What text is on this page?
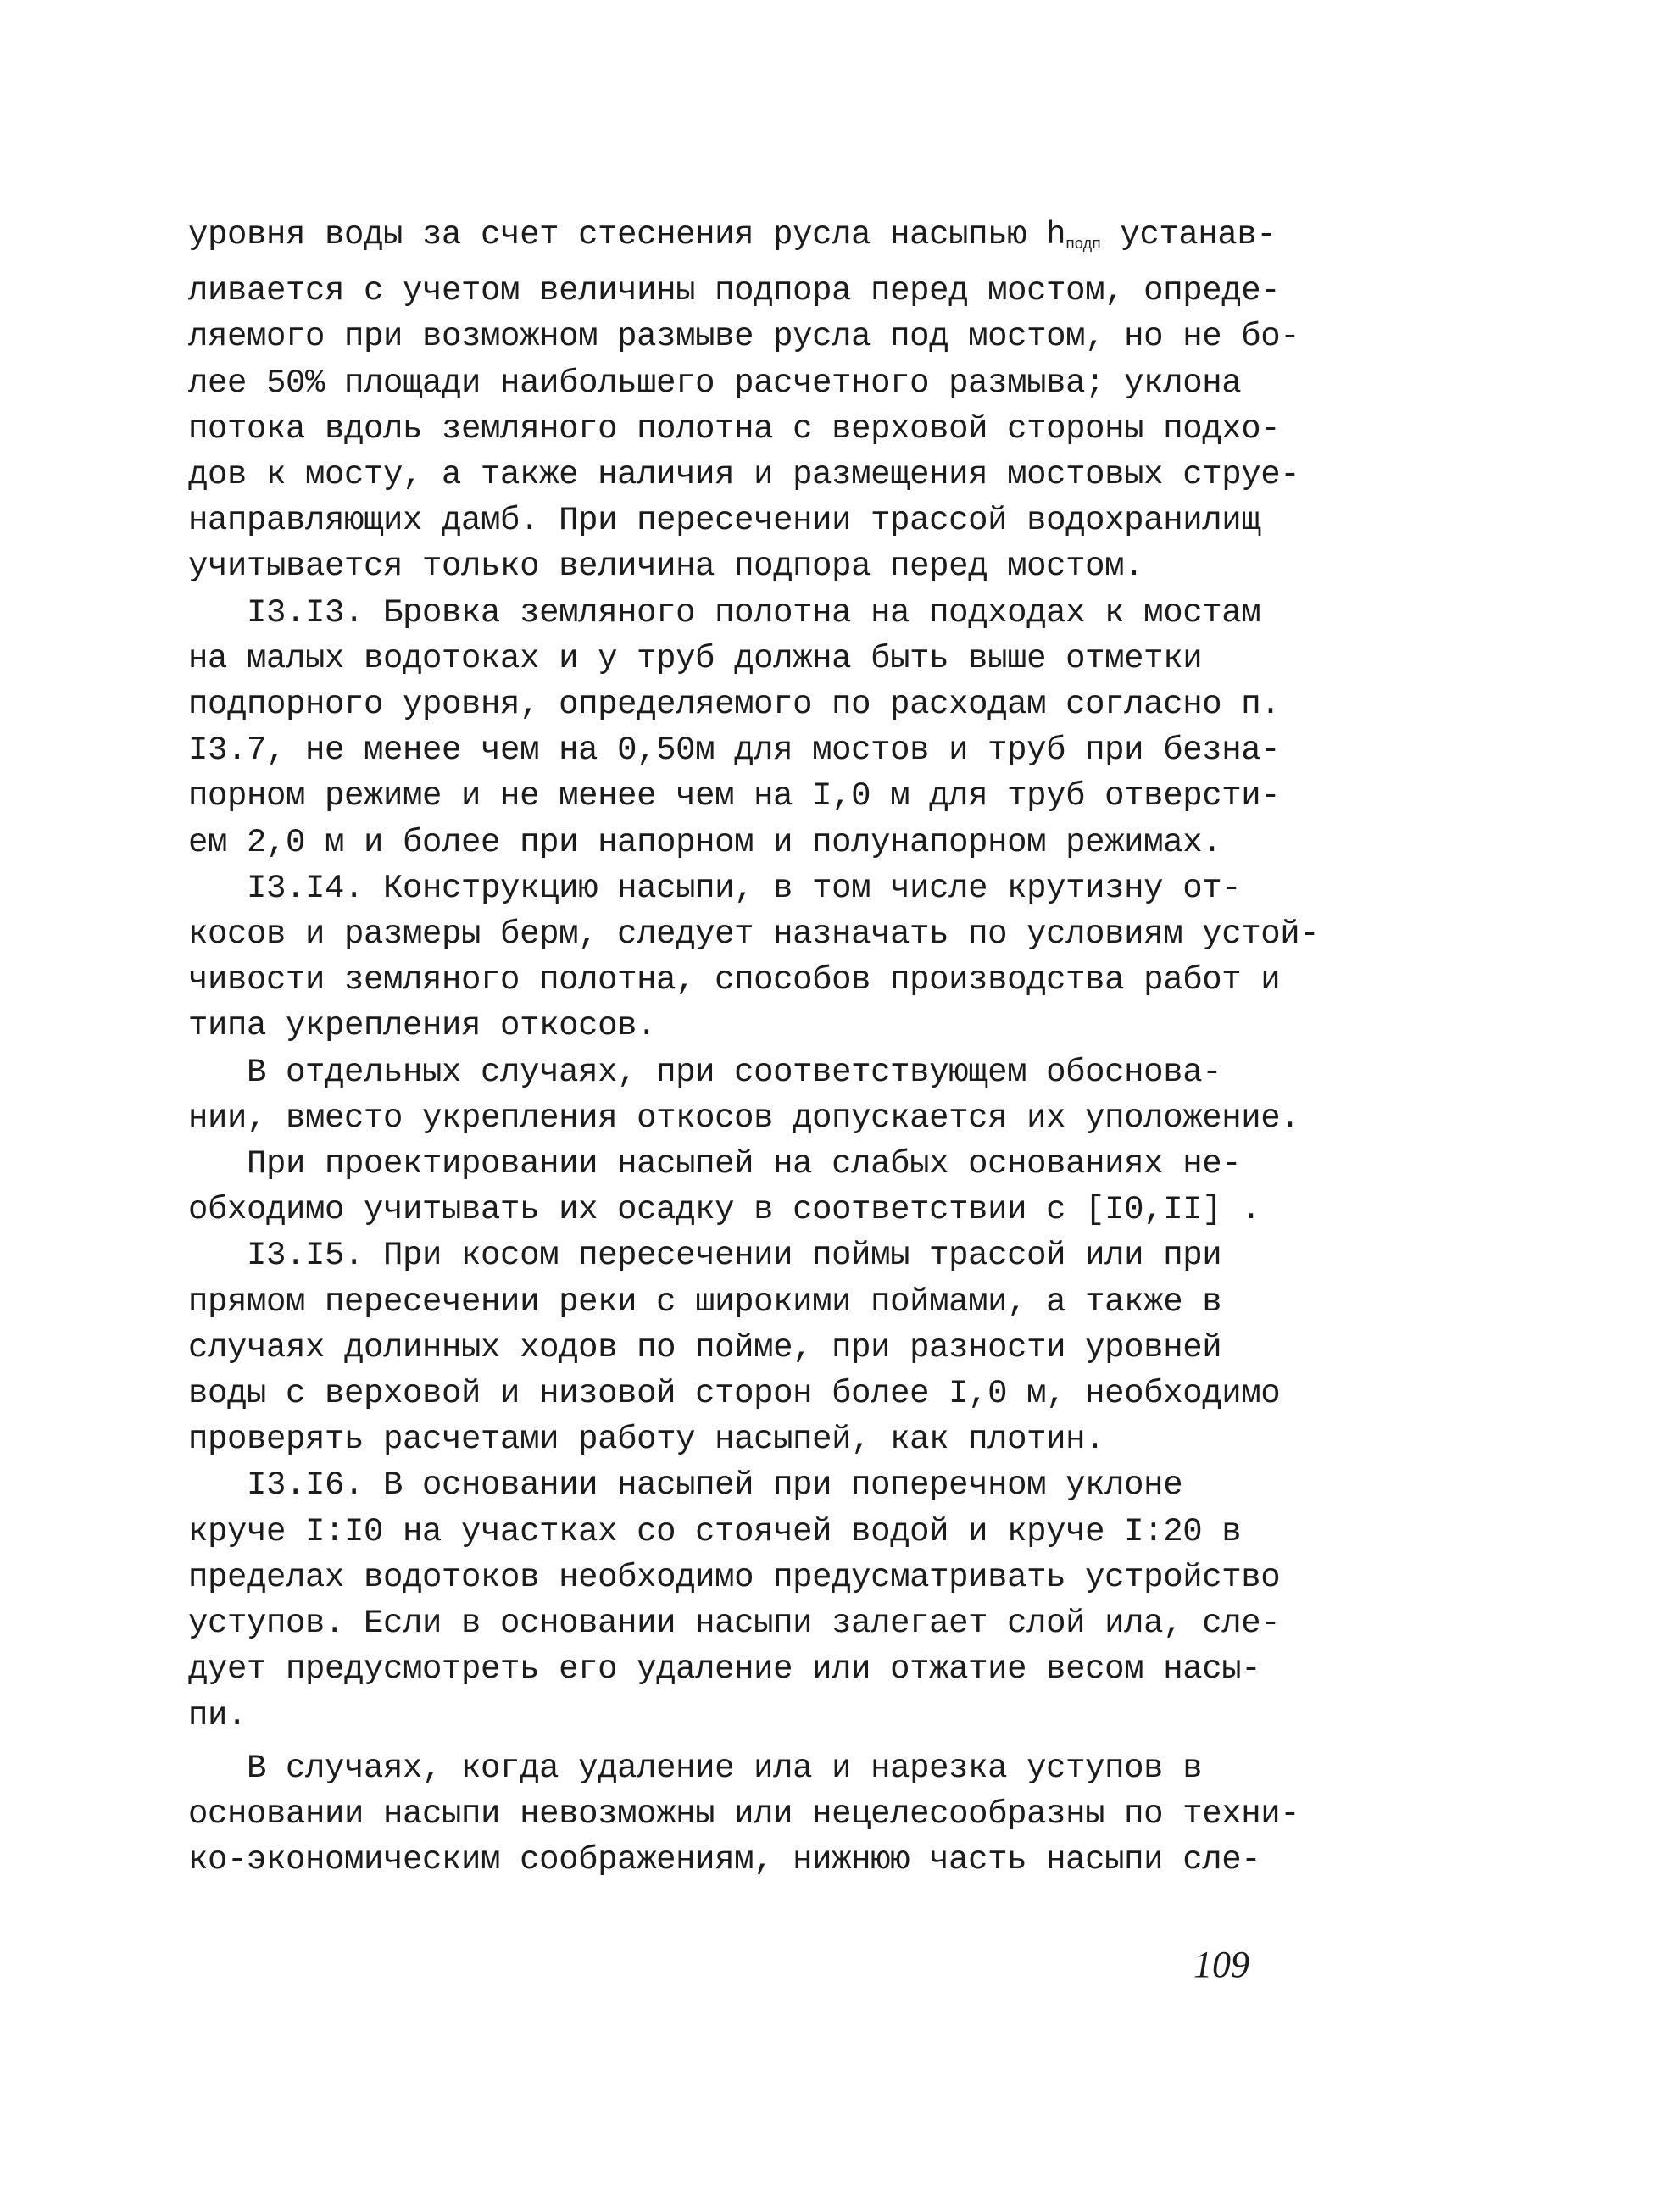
уровня воды за счет стеснения русла насыпью $h_{подп}$ устанав-
ливается с учетом величины подпора перед мостом, опреде-
ляемого при возможном размыве русла под мостом, но не бо-
лее 50% площади наибольшего расчетного размыва; уклона
потока вдоль земляного полотна с верховой стороны подхо-
дов к мосту, а также наличия и размещения мостовых струе-
направляющих дамб. При пересечении трассой водохранилищ
учитывается только величина подпора перед мостом.
I3.I3. Бровка земляного полотна на подходах к мостам
на малых водотоках и у труб должна быть выше отметки
подпорного уровня, определяемого по расходам согласно п.
I3.7, не менее чем на 0,50м для мостов и труб при безна-
порном режиме и не менее чем на I,0 м для труб отверсти-
ем 2,0 м и более при напорном и полунапорном режимах.
I3.I4. Конструкцию насыпи, в том числе крутизну от-
косов и размеры берм, следует назначать по условиям устой-
чивости земляного полотна, способов производства работ и
типа укрепления откосов.
В отдельных случаях, при соответствующем обоснова-
нии, вместо укрепления откосов допускается их уположение.
При проектировании насыпей на слабых основаниях не-
обходимо учитывать их осадку в соответствии с [I0,II] .
I3.I5. При косом пересечении поймы трассой или при
прямом пересечении реки с широкими поймами, а также в
случаях долинных ходов по пойме, при разности уровней
воды с верховой и низовой сторон более I,0 м, необходимо
проверять расчетами работу насыпей, как плотин.
I3.I6. В основании насыпей при поперечном уклоне
круче I:I0 на участках со стоячей водой и круче I:20 в
пределах водотоков необходимо предусматривать устройство
уступов. Если в основании насыпи залегает слой ила, сле-
дует предусмотреть его удаление или отжатие весом насы-
пи.
В случаях, когда удаление ила и нарезка уступов в
основании насыпи невозможны или нецелесообразны по техни-
ко-экономическим соображениям, нижнюю часть насыпи сле-
109
